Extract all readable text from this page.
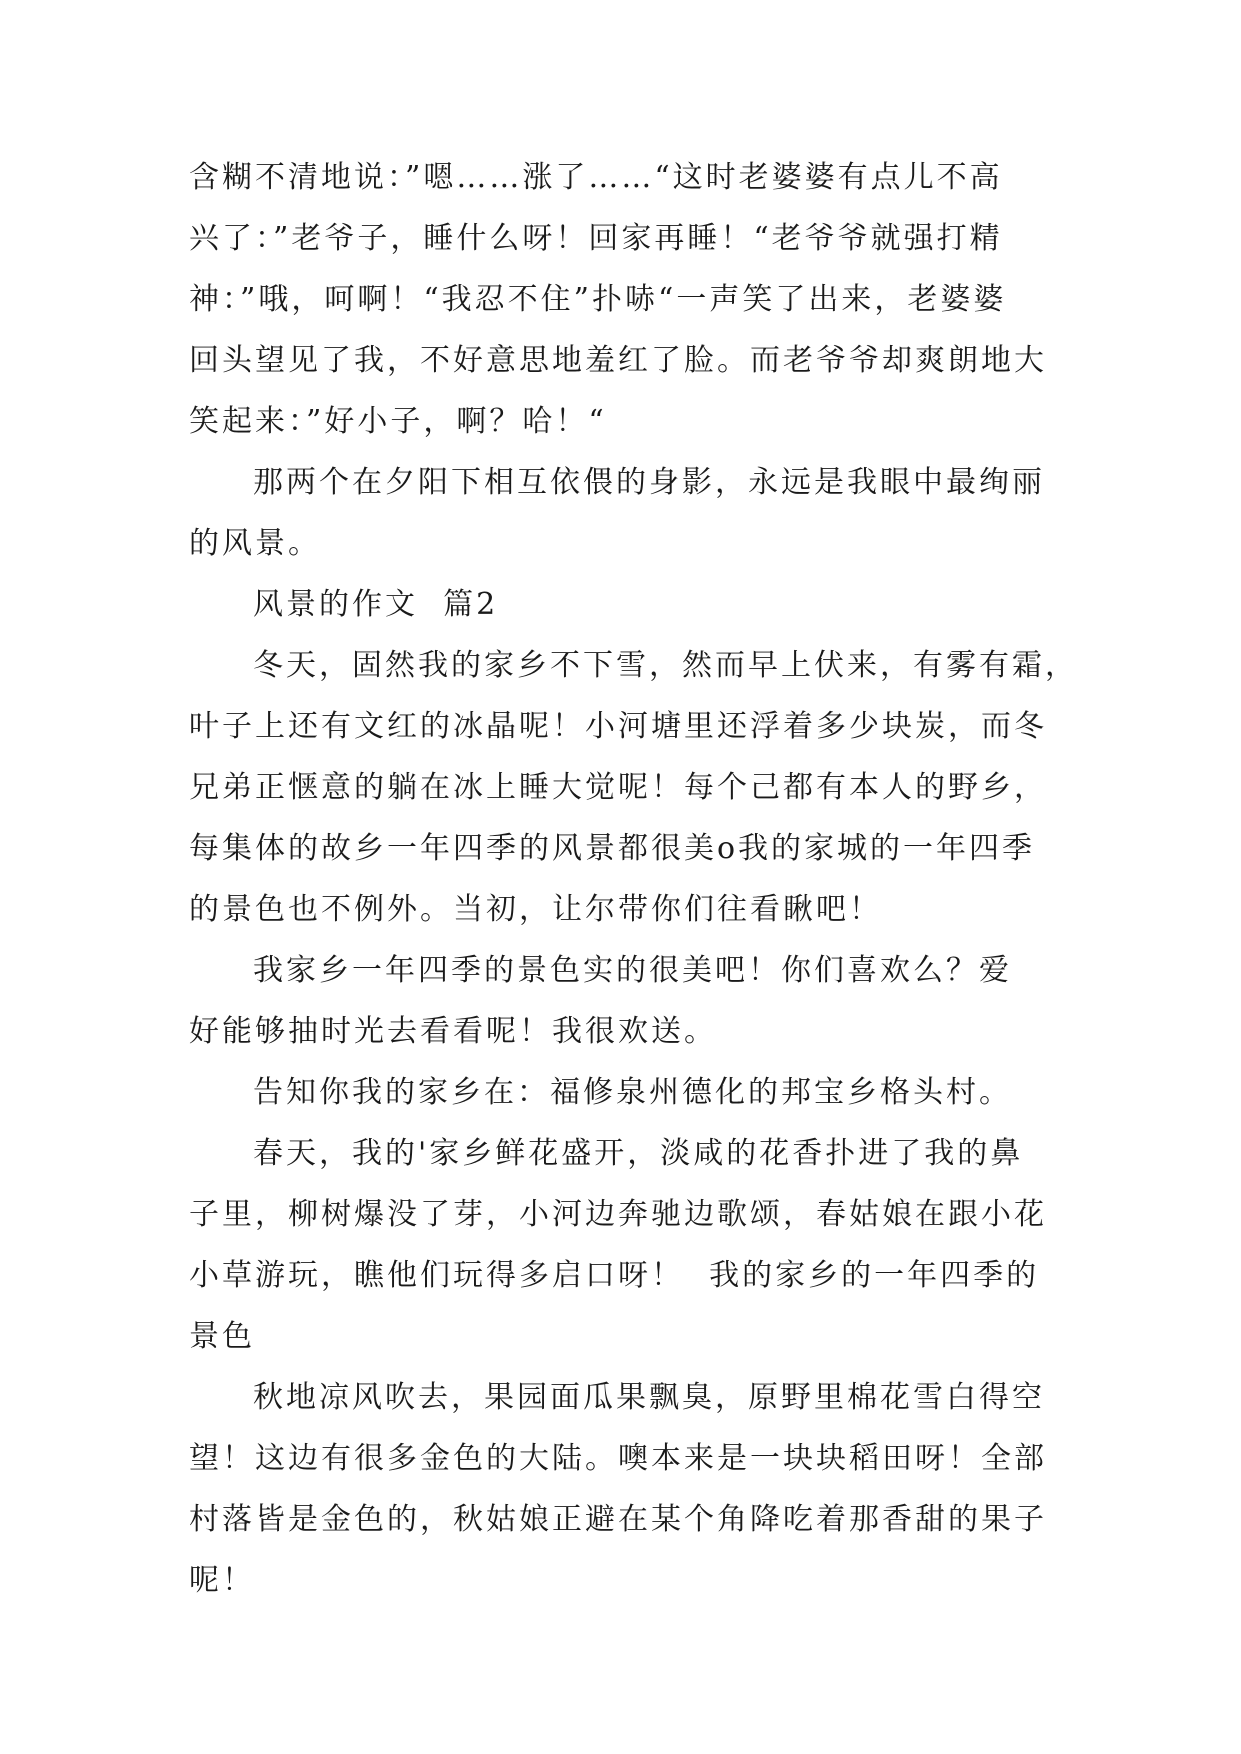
含糊不清地说：”嗯……涨了……“这时老婆婆有点儿不高
兴了：”老爷子，睡什么呀！回家再睡！“老爷爷就强打精
神：”哦，呵啊！“我忍不住”扑哧“一声笑了出来，老婆婆
回头望见了我，不好意思地羞红了脸。而老爷爷却爽朗地大
笑起来：”好小子，啊？哈！“
那两个在夕阳下相互依偎的身影，永远是我眼中最绚丽
的风景。
风景的作文  篇2
冬天，固然我的家乡不下雪，然而早上伏来，有雾有霜，
叶子上还有文红的冰晶呢！小河塘里还浮着多少块炭，而冬
兄弟正惬意的躺在冰上睡大觉呢！每个己都有本人的野乡，
每集体的故乡一年四季的风景都很美o我的家城的一年四季
的景色也不例外。当初，让尔带你们往看瞅吧！
我家乡一年四季的景色实的很美吧！你们喜欢么？爱
好能够抽时光去看看呢！我很欢送。
告知你我的家乡在：福修泉州德化的邦宝乡格头村。
春天，我的'家乡鲜花盛开，淡咸的花香扑进了我的鼻
子里，柳树爆没了芽，小河边奔驰边歌颂，春姑娘在跟小花
小草游玩，瞧他们玩得多启口呀！  我的家乡的一年四季的
景色
秋地凉风吹去，果园面瓜果飘臭，原野里棉花雪白得空
望！这边有很多金色的大陆。噢本来是一块块稻田呀！全部
村落皆是金色的，秋姑娘正避在某个角降吃着那香甜的果子
呢！
